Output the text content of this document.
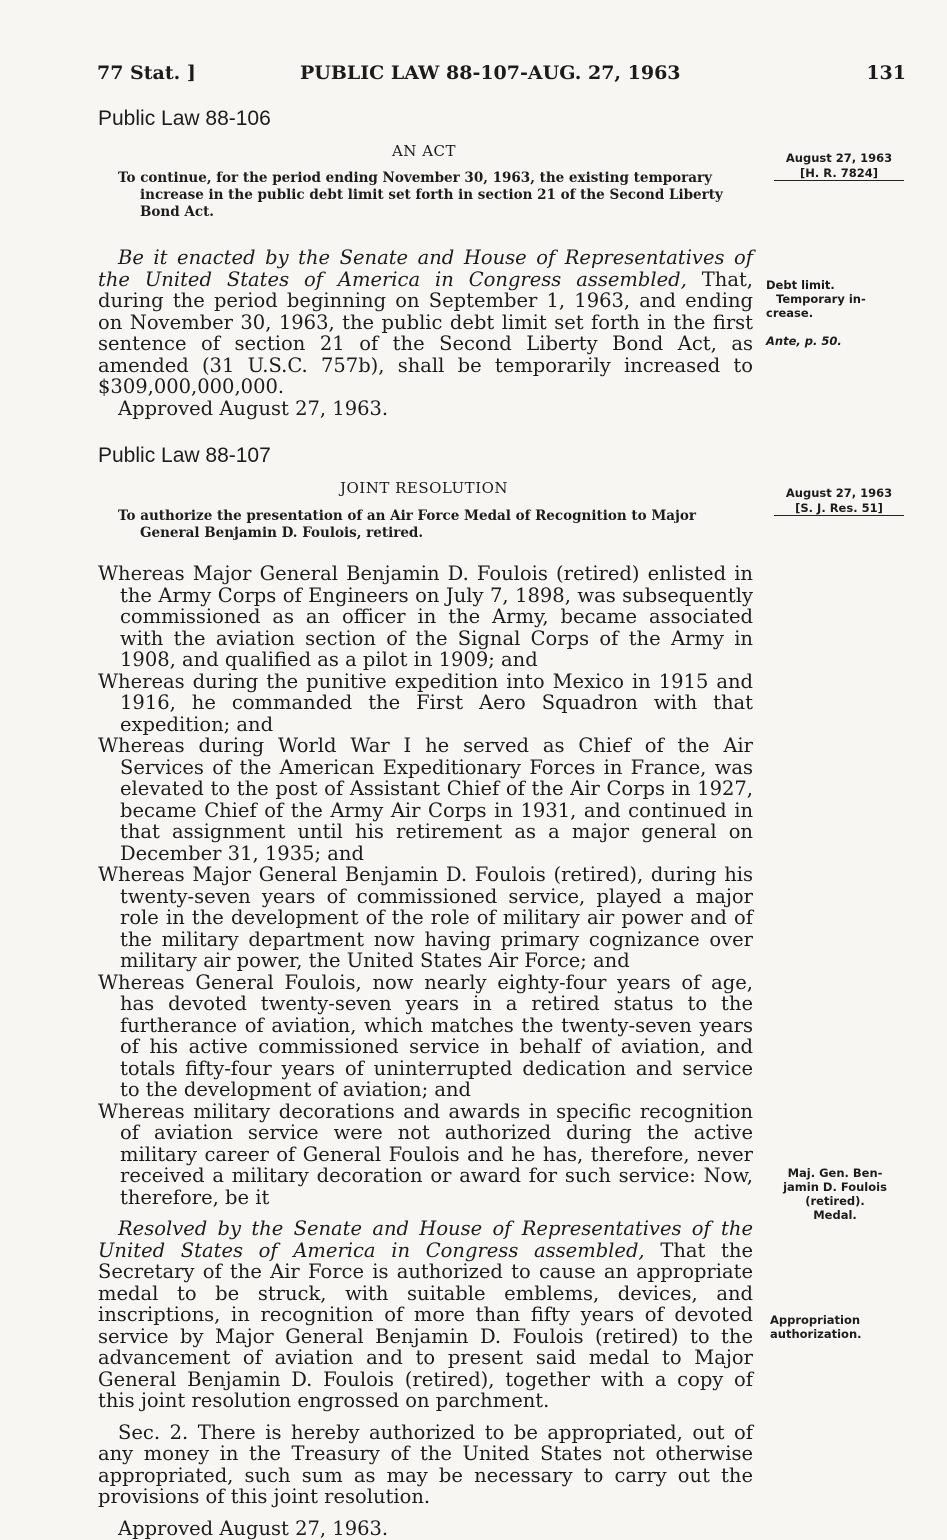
77 Stat. ]	PUBLIC LAW 88-107-AUG. 27, 1963	131
Public Law 88-106
AN ACT
To continue, for the period ending November 30, 1963, the existing temporary increase in the public debt limit set forth in section 21 of the Second Liberty Bond Act.
August 27, 1963
[H. R. 7824]

Be it enacted by the Senate and House of Representatives of the United States of America in Congress assembled, That, during the period beginning on September 1, 1963, and ending on November 30, 1963, the public debt limit set forth in the first sentence of section 21 of the Second Liberty Bond Act, as amended (31 U.S.C. 757b), shall be temporarily increased to $309,000,000,000.

Approved August 27, 1963.

Debt limit.
Temporary in-
crease.
Ante, p. 50.
Public Law 88-107
JOINT RESOLUTION
To authorize the presentation of an Air Force Medal of Recognition to Major General Benjamin D. Foulois, retired.
August 27, 1963
[S. J. Res. 51]

Whereas Major General Benjamin D. Foulois (retired) enlisted in the Army Corps of Engineers on July 7, 1898, was subsequently commissioned as an officer in the Army, became associated with the aviation section of the Signal Corps of the Army in 1908, and qualified as a pilot in 1909; and

Whereas during the punitive expedition into Mexico in 1915 and 1916, he commanded the First Aero Squadron with that expedition; and

Whereas during World War I he served as Chief of the Air Services of the American Expeditionary Forces in France, was elevated to the post of Assistant Chief of the Air Corps in 1927, became Chief of the Army Air Corps in 1931, and continued in that assignment until his retirement as a major general on December 31, 1935; and

Whereas Major General Benjamin D. Foulois (retired), during his twenty-seven years of commissioned service, played a major role in the development of the role of military air power and of the military department now having primary cognizance over military air power, the United States Air Force; and

Whereas General Foulois, now nearly eighty-four years of age, has devoted twenty-seven years in a retired status to the furtherance of aviation, which matches the twenty-seven years of his active commissioned service in behalf of aviation, and totals fifty-four years of uninterrupted dedication and service to the development of aviation; and

Whereas military decorations and awards in specific recognition of aviation service were not authorized during the active military career of General Foulois and he has, therefore, never received a military decoration or award for such service: Now, therefore, be it

Resolved by the Senate and House of Representatives of the United States of America in Congress assembled, That the Secretary of the Air Force is authorized to cause an appropriate medal to be struck, with suitable emblems, devices, and inscriptions, in recognition of more than fifty years of devoted service by Major General Benjamin D. Foulois (retired) to the advancement of aviation and to present said medal to Major General Benjamin D. Foulois (retired), together with a copy of this joint resolution engrossed on parchment.

Sec. 2. There is hereby authorized to be appropriated, out of any money in the Treasury of the United States not otherwise appropriated, such sum as may be necessary to carry out the provisions of this joint resolution.

Approved August 27, 1963.

Maj. Gen. Ben-
jamin D. Foulois
(retired).
Medal.
Appropriation
authorization.
